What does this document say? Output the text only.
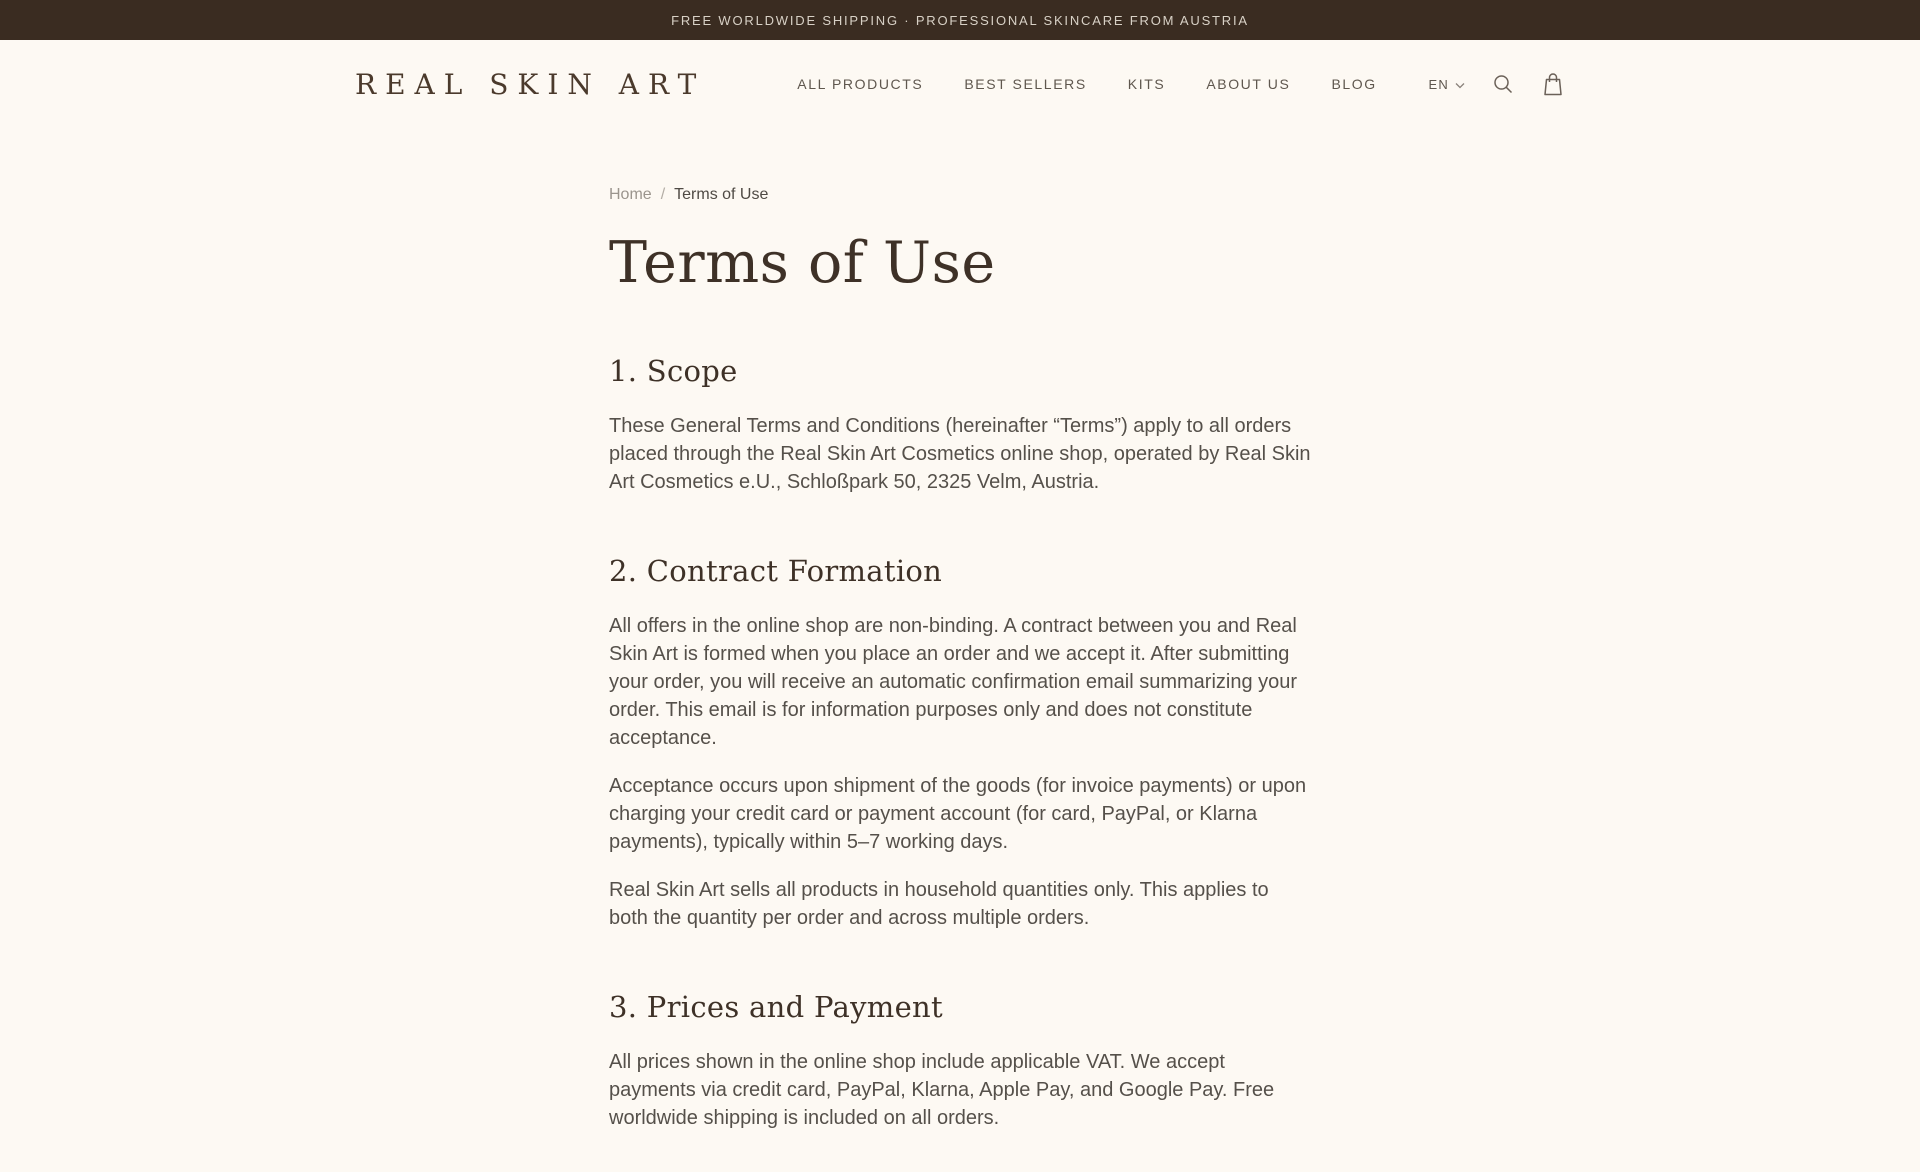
FREE WORLDWIDE SHIPPING · PROFESSIONAL SKINCARE FROM AUSTRIA
REAL SKIN ART	ALL PRODUCTS	BEST SELLERS	KITS	ABOUT US	BLOG	EN
Home / Terms of Use
Terms of Use
1. Scope

These General Terms and Conditions (hereinafter “Terms”) apply to all orders placed through the Real Skin Art Cosmetics online shop, operated by Real Skin Art Cosmetics e.U., Schloßpark 50, 2325 Velm, Austria.

2. Contract Formation

All offers in the online shop are non-binding. A contract between you and Real Skin Art is formed when you place an order and we accept it. After submitting your order, you will receive an automatic confirmation email summarizing your order. This email is for information purposes only and does not constitute acceptance.

Acceptance occurs upon shipment of the goods (for invoice payments) or upon charging your credit card or payment account (for card, PayPal, or Klarna payments), typically within 5–7 working days.

Real Skin Art sells all products in household quantities only. This applies to both the quantity per order and across multiple orders.

3. Prices and Payment

All prices shown in the online shop include applicable VAT. We accept payments via credit card, PayPal, Klarna, Apple Pay, and Google Pay. Free worldwide shipping is included on all orders.
